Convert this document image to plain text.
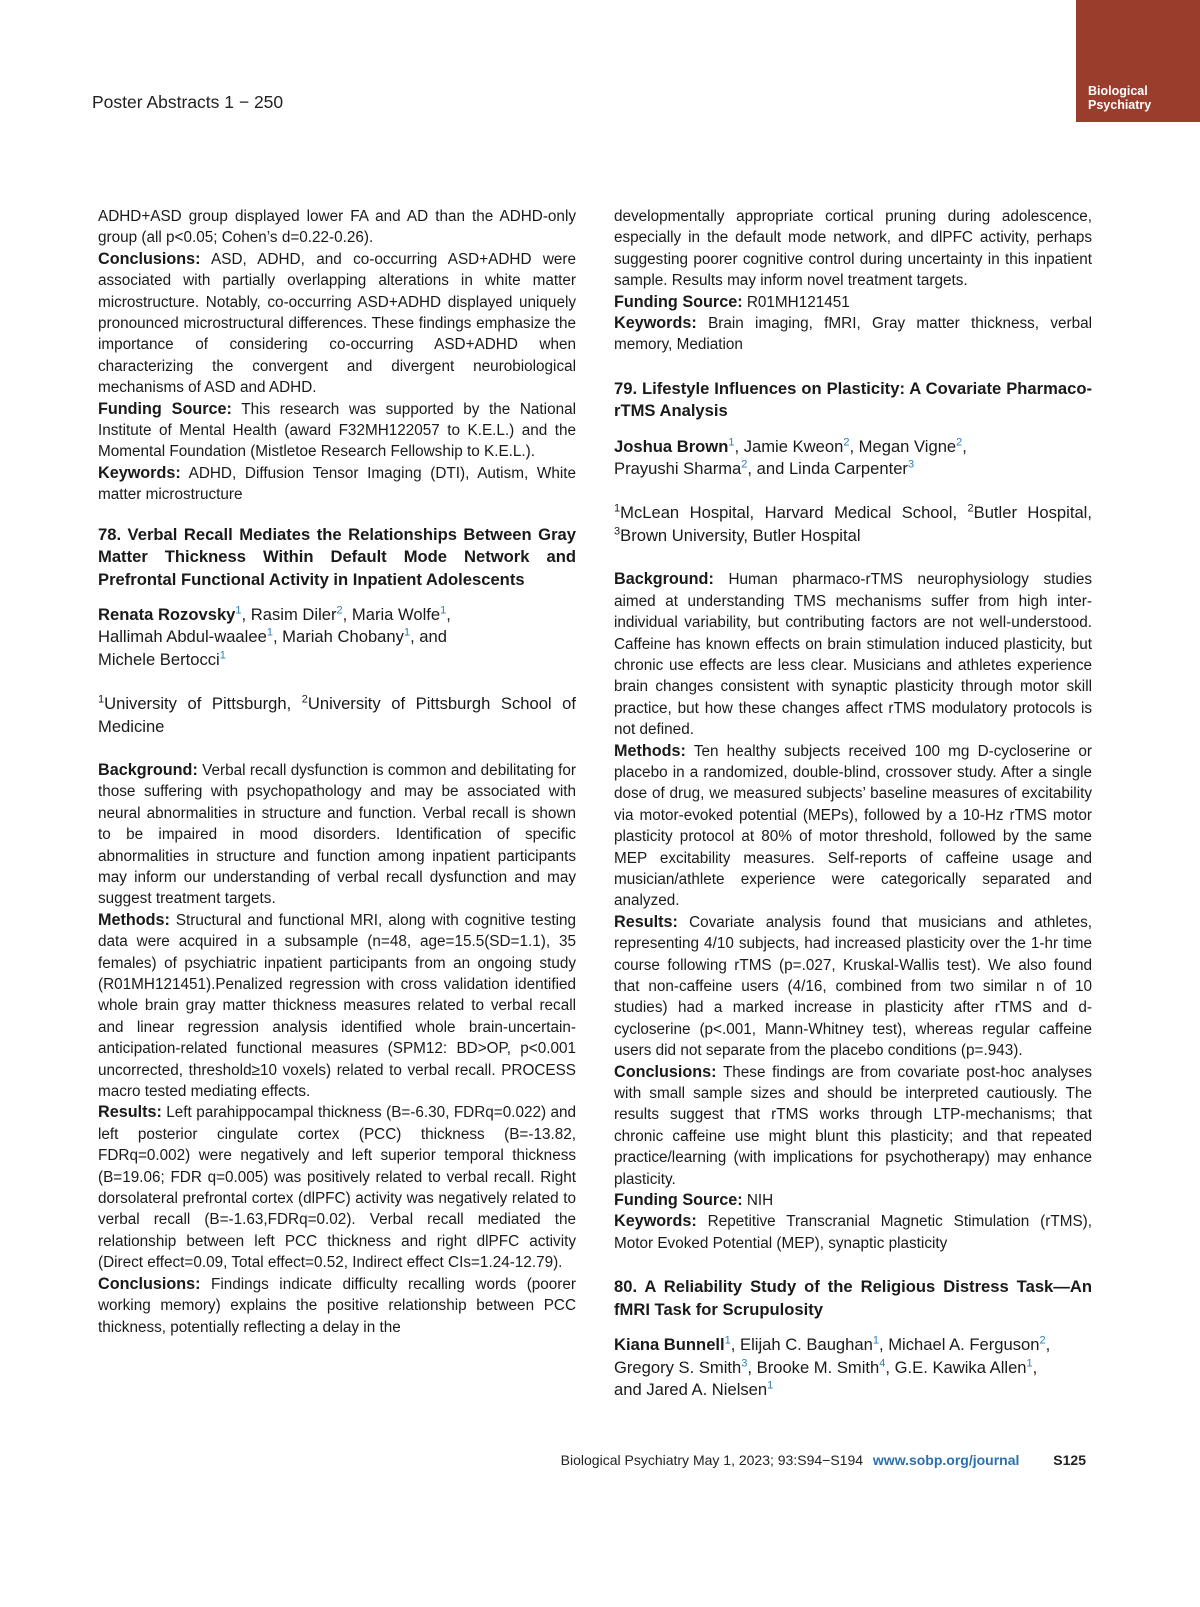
Biological
Psychiatry
Poster Abstracts 1 − 250

ADHD+ASD group displayed lower FA and AD than the ADHD-only group (all p<0.05; Cohen’s d=0.22-0.26).

Conclusions: ASD, ADHD, and co-occurring ASD+ADHD were associated with partially overlapping alterations in white matter microstructure. Notably, co-occurring ASD+ADHD displayed uniquely pronounced microstructural differences. These findings emphasize the importance of considering co-occurring ASD+ADHD when characterizing the convergent and divergent neurobiological mechanisms of ASD and ADHD.

Funding Source: This research was supported by the National Institute of Mental Health (award F32MH122057 to K.E.L.) and the Momental Foundation (Mistletoe Research Fellowship to K.E.L.).

Keywords: ADHD, Diffusion Tensor Imaging (DTI), Autism, White matter microstructure

78. Verbal Recall Mediates the Relationships Between Gray Matter Thickness Within Default Mode Network and Prefrontal Functional Activity in Inpatient Adolescents

Renata Rozovsky$^1$, Rasim Diler$^2$, Maria Wolfe$^1$,
Hallimah Abdul-waalee$^1$, Mariah Chobany$^1$, and
Michele Bertocci$^1$

$^1$University of Pittsburgh, $^2$University of Pittsburgh School of Medicine

Background: Verbal recall dysfunction is common and debilitating for those suffering with psychopathology and may be associated with neural abnormalities in structure and function. Verbal recall is shown to be impaired in mood disorders. Identification of specific abnormalities in structure and function among inpatient participants may inform our understanding of verbal recall dysfunction and may suggest treatment targets.

Methods: Structural and functional MRI, along with cognitive testing data were acquired in a subsample (n=48, age=15.5(SD=1.1), 35 females) of psychiatric inpatient participants from an ongoing study (R01MH121451).Penalized regression with cross validation identified whole brain gray matter thickness measures related to verbal recall and linear regression analysis identified whole brain-uncertain-anticipation-related functional measures (SPM12: BD>OP, p<0.001 uncorrected, threshold≥10 voxels) related to verbal recall. PROCESS macro tested mediating effects.

Results: Left parahippocampal thickness (B=-6.30, FDRq=0.022) and left posterior cingulate cortex (PCC) thickness (B=-13.82, FDRq=0.002) were negatively and left superior temporal thickness (B=19.06; FDR q=0.005) was positively related to verbal recall. Right dorsolateral prefrontal cortex (dlPFC) activity was negatively related to verbal recall (B=-1.63,FDRq=0.02). Verbal recall mediated the relationship between left PCC thickness and right dlPFC activity (Direct effect=0.09, Total effect=0.52, Indirect effect CIs=1.24-12.79).

Conclusions: Findings indicate difficulty recalling words (poorer working memory) explains the positive relationship between PCC thickness, potentially reflecting a delay in the

developmentally appropriate cortical pruning during adolescence, especially in the default mode network, and dlPFC activity, perhaps suggesting poorer cognitive control during uncertainty in this inpatient sample. Results may inform novel treatment targets.

Funding Source: R01MH121451

Keywords: Brain imaging, fMRI, Gray matter thickness, verbal memory, Mediation

79. Lifestyle Influences on Plasticity: A Covariate Pharmaco-rTMS Analysis

Joshua Brown$^1$, Jamie Kweon$^2$, Megan Vigne$^2$,
Prayushi Sharma$^2$, and Linda Carpenter$^3$

$^1$McLean Hospital, Harvard Medical School, $^2$Butler Hospital, $^3$Brown University, Butler Hospital

Background: Human pharmaco-rTMS neurophysiology studies aimed at understanding TMS mechanisms suffer from high inter-individual variability, but contributing factors are not well-understood. Caffeine has known effects on brain stimulation induced plasticity, but chronic use effects are less clear. Musicians and athletes experience brain changes consistent with synaptic plasticity through motor skill practice, but how these changes affect rTMS modulatory protocols is not defined.

Methods: Ten healthy subjects received 100 mg D-cycloserine or placebo in a randomized, double-blind, crossover study. After a single dose of drug, we measured subjects’ baseline measures of excitability via motor-evoked potential (MEPs), followed by a 10-Hz rTMS motor plasticity protocol at 80% of motor threshold, followed by the same MEP excitability measures. Self-reports of caffeine usage and musician/athlete experience were categorically separated and analyzed.

Results: Covariate analysis found that musicians and athletes, representing 4/10 subjects, had increased plasticity over the 1-hr time course following rTMS (p=.027, Kruskal-Wallis test). We also found that non-caffeine users (4/16, combined from two similar n of 10 studies) had a marked increase in plasticity after rTMS and d-cycloserine (p<.001, Mann-Whitney test), whereas regular caffeine users did not separate from the placebo conditions (p=.943).

Conclusions: These findings are from covariate post-hoc analyses with small sample sizes and should be interpreted cautiously. The results suggest that rTMS works through LTP-mechanisms; that chronic caffeine use might blunt this plasticity; and that repeated practice/learning (with implications for psychotherapy) may enhance plasticity.

Funding Source: NIH

Keywords: Repetitive Transcranial Magnetic Stimulation (rTMS), Motor Evoked Potential (MEP), synaptic plasticity

80. A Reliability Study of the Religious Distress Task—An fMRI Task for Scrupulosity

Kiana Bunnell$^1$, Elijah C. Baughan$^1$, Michael A. Ferguson$^2$,
Gregory S. Smith$^3$, Brooke M. Smith$^4$, G.E. Kawika Allen$^1$,
and Jared A. Nielsen$^1$

Biological Psychiatry May 1, 2023; 93:S94−S194 www.sobp.org/journal S125
